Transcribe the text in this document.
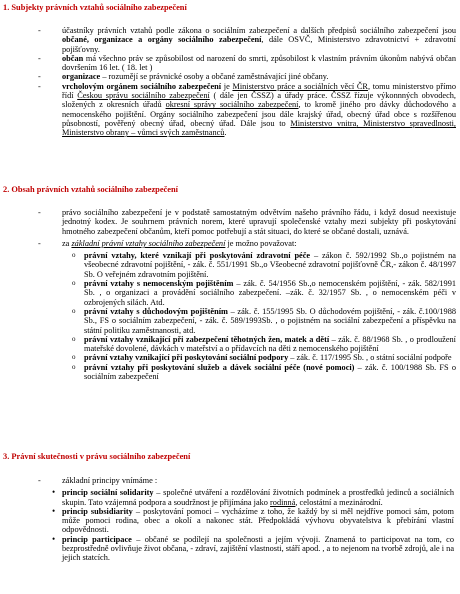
1. Subjekty právních vztahů sociálního zabezpečení
- účastníky právních vztahů podle zákona o sociálním zabezpečení a dalších předpisů sociálního zabezpečení jsou občané, organizace a orgány sociálního zabezpečení, dále OSVČ, Ministerstvo zdravotnictví + zdravotní pojišťovny.
- občan má všechno práv se způsobilost od narození do smrti, způsobilost k vlastním právním úkonům nabývá občan dovršením 16 let. ( 18. let )
- organizace – rozumějí se právnické osoby a občané zaměstnávající jiné občany.
- vrcholovým orgánem sociálního zabezpečení je Ministerstvo práce a sociálních věcí ČR, tomu ministerstvo přímo řídí Českou správu sociálního zabezpečení ( dále jen ČSSZ) a úřady práce. ČSSZ řízuje výkonnných obvodech, složených z okresních úřadů okresní správy sociálního zabezpečení, to kromě jiného pro dávky důchodového a nemocenského pojištění. Orgány sociálního zabezpečení jsou dále krajský úřad, obecný úřad obce s rozšířenou působností, pověřený obecný úřad, obecný úřad. Dále jsou to Ministerstvo vnitra, Ministerstvo spravedlnosti, Ministerstvo obrany – vůmci svých zaměstnanců.
2. Obsah právních vztahů sociálního zabezpečení
- právo sociálního zabezpečení je v podstatě samostatným odvětvím našeho právního řádu, i když dosud neexistuje jednotný kodex. Je souhrnem právních norem, které upravují společenské vztahy mezi subjekty při poskytování hmotného zabezpečení občanům, kteří pomoc potřebují a stát situaci, do které se občané dostali, uznává.
- za základní právní vztahy sociálního zabezpečení je možno považovat:
o právní vztahy, které vznikají při poskytování zdravotní péče – zákon č. 592/1992 Sb.,o pojistném na všeobecné zdravotní pojištění, - zák. č. 551/1991 Sb.,o Všeobecné zdravotní pojišťovně ČR,- zákon č. 48/1997 Sb. O veřejném zdravotním pojištění.
o právní vztahy s nemocenským pojištěním – zák. č. 54/1956 Sb.,o nemocenském pojištění, - zák. 582/1991 Sb. , o organizaci a provádění sociálního zabezpečení. –zák. č. 32/1957 Sb. , o nemocenském péči v ozbrojených silách. Atd.
o právní vztahy s důchodovým pojištěním – zák. č. 155/1995 Sb. O důchodovém pojištění, - zák. č.100/1988 Sb., FS o sociálním zabezpečení, - zák. č. 589/1993Sb. , o pojistném na sociální zabezpečení a příspěvku na státní politiku zaměstnanosti, atd.
o právní vztahy vznikající při zabezpečení těhotných žen, matek a dětí – zák. č. 88/1968 Sb. , o prodloužení mateřské dovolené, dávkách v mateřství a o přídavcích na děti z nemocenského pojištění
o právní vztahy vznikající při poskytování sociální podpory – zák. č. 117/1995 Sb. , o státní sociální podpoře
o právní vztahy při poskytování služeb a dávek sociální péče (nové pomoci) – zák. č. 100/1988 Sb. FS o sociálním zabezpečení
3. Právní skutečnosti v právu sociálního zabezpečení
- základní principy vnímáme :
• princip sociální solidarity – společné utváření a rozdělování životních podmínek a prostředků jedinců a sociálních skupin. Tato vzájemná podpora a soudržnost je přijímána jako rodinná, celostátní a mezinárodní.
• princip subsidiarity – poskytování pomoci – vycházíme z toho, že každý by si měl nejdříve pomoci sám, potom může pomoci rodina, obec a okolí a nakonec stát. Předpokládá vývhovu obyvatelstva k přebírání vlastní odpovědnosti.
• princip participace – občané se podílejí na společnosti a jejím vývoji. Znamená to participovat na tom, co bezprostředně ovlivňuje život občana, - zdraví, zajištění vlastnosti, stáří apod. , a to nejenom na tvorbě zdrojů, ale i na jejich statcích.
